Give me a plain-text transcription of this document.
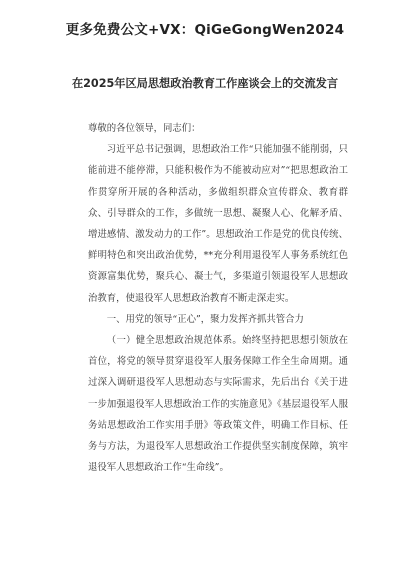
更多免费公文+VX：QiGeGongWen2024
在2025年区局思想政治教育工作座谈会上的交流发言

尊敬的各位领导，同志们：

习近平总书记强调，思想政治工作“只能加强不能削弱，只能前进不能停滞，只能积极作为不能被动应对”“把思想政治工作贯穿所开展的各种活动，多做组织群众宣传群众、教育群众、引导群众的工作，多做统一思想、凝聚人心、化解矛盾、增进感情、激发动力的工作”。思想政治工作是党的优良传统、鲜明特色和突出政治优势，**充分利用退役军人事务系统红色资源富集优势，聚兵心、凝士气，多渠道引领退役军人思想政治教育，使退役军人思想政治教育不断走深走实。

一、用党的领导“正心”，聚力发挥齐抓共管合力

（一）健全思想政治规范体系。始终坚持把思想引领放在首位，将党的领导贯穿退役军人服务保障工作全生命周期。通过深入调研退役军人思想动态与实际需求，先后出台《关于进一步加强退役军人思想政治工作的实施意见》《基层退役军人服务站思想政治工作实用手册》等政策文件，明确工作目标、任务与方法，为退役军人思想政治工作提供坚实制度保障，筑牢退役军人思想政治工作“生命线”。
